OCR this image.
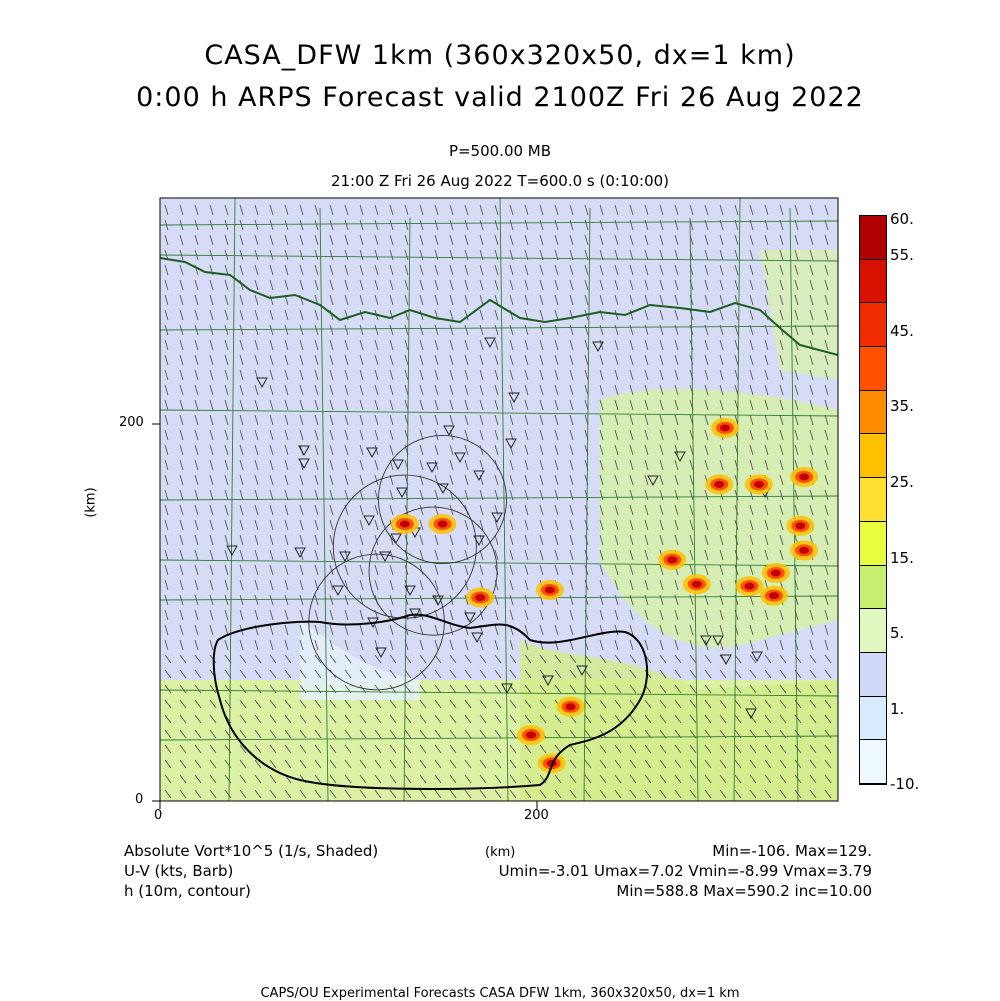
CASA_DFW 1km (360x320x50, dx=1 km)
0:00 h ARPS Forecast valid 2100Z Fri 26 Aug 2022
P=500.00 MB
21:00 Z Fri 26 Aug 2022 T=600.0 s (0:10:00)
0	200
0
200
(km)
(km)
60.
55.
45.
35.
25.
15.
5.
1.
-10.
Absolute Vort*10^5 (1/s, Shaded)
U-V (kts, Barb)
h (10m, contour)
Min=-106. Max=129.
Umin=-3.01 Umax=7.02 Vmin=-8.99 Vmax=3.79
Min=588.8 Max=590.2 inc=10.00
CAPS/OU Experimental Forecasts CASA DFW 1km, 360x320x50, dx=1 km
